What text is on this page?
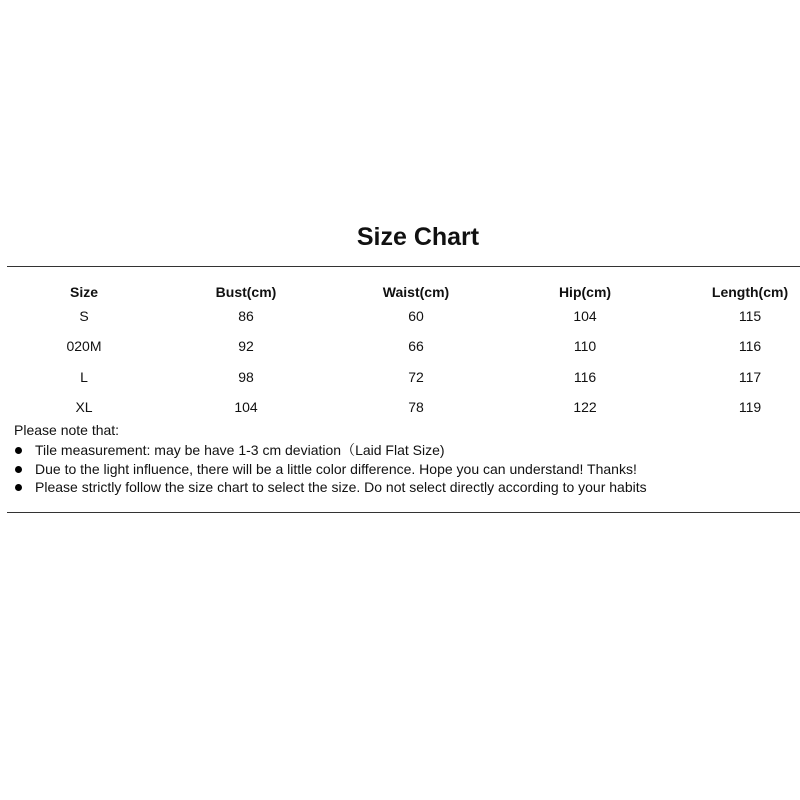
Size Chart
Size	Bust(cm)	Waist(cm)	Hip(cm)	Length(cm)
S	86	60	104	115
020M	92	66	110	116
L	98	72	116	117
XL	104	78	122	119
Please note that:
Tile measurement: may be have 1-3 cm deviation（Laid Flat Size)
Due to the light influence, there will be a little color difference. Hope you can understand! Thanks!
Please strictly follow the size chart to select the size. Do not select directly according to your habits
